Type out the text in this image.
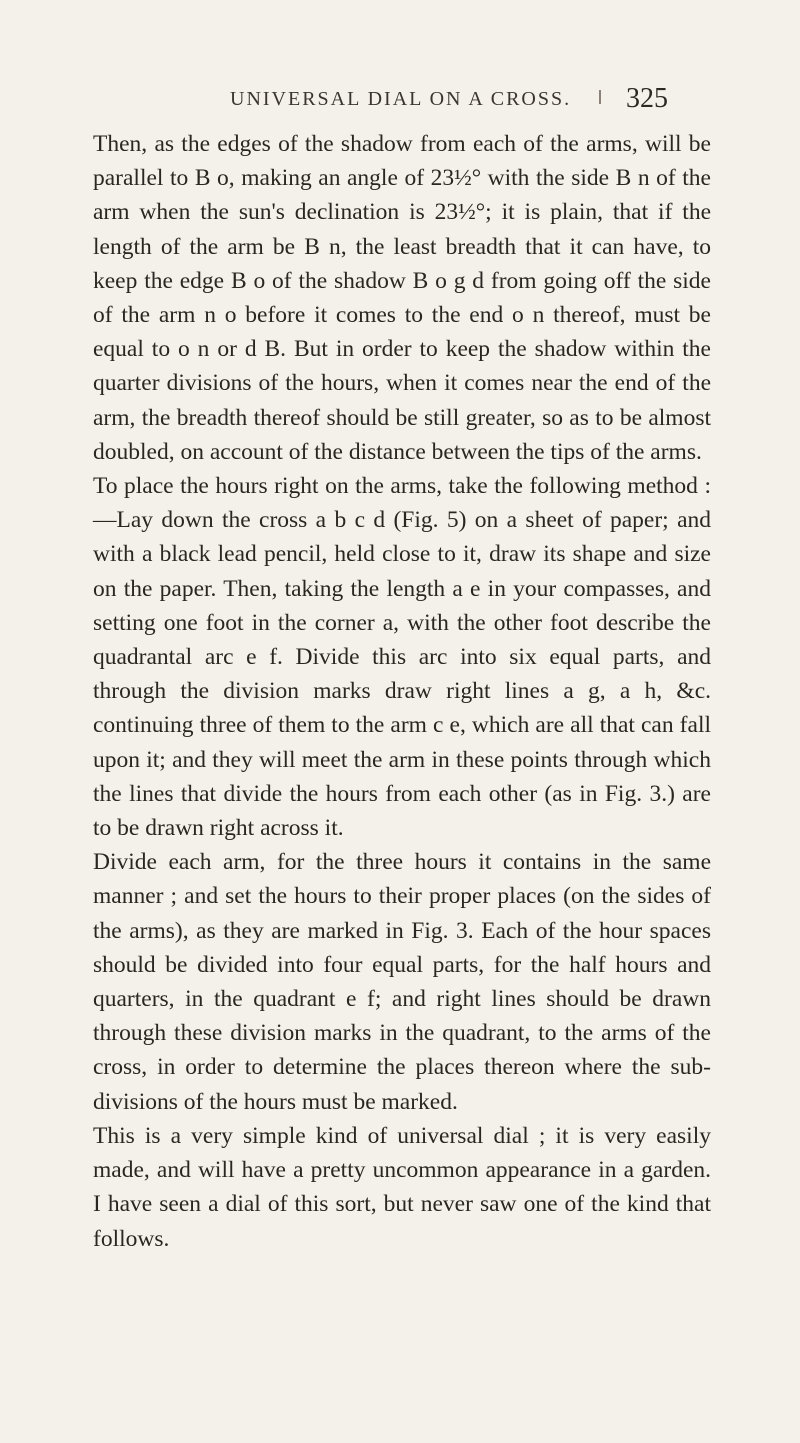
UNIVERSAL DIAL ON A CROSS. 325

Then, as the edges of the shadow from each of the arms, will be parallel to B o, making an angle of 23½° with the side B n of the arm when the sun's declination is 23½°; it is plain, that if the length of the arm be B n, the least breadth that it can have, to keep the edge B o of the shadow B o g d from going off the side of the arm n o before it comes to the end o n thereof, must be equal to o n or d B. But in order to keep the shadow within the quarter divisions of the hours, when it comes near the end of the arm, the breadth thereof should be still greater, so as to be almost doubled, on account of the distance between the tips of the arms.

To place the hours right on the arms, take the following method :—Lay down the cross a b c d (Fig. 5) on a sheet of paper; and with a black lead pencil, held close to it, draw its shape and size on the paper. Then, taking the length a e in your compasses, and setting one foot in the corner a, with the other foot describe the quadrantal arc e f. Divide this arc into six equal parts, and through the division marks draw right lines a g, a h, &c. continuing three of them to the arm c e, which are all that can fall upon it; and they will meet the arm in these points through which the lines that divide the hours from each other (as in Fig. 3.) are to be drawn right across it.

Divide each arm, for the three hours it contains in the same manner ; and set the hours to their proper places (on the sides of the arms), as they are marked in Fig. 3. Each of the hour spaces should be divided into four equal parts, for the half hours and quarters, in the quadrant e f; and right lines should be drawn through these division marks in the quadrant, to the arms of the cross, in order to determine the places thereon where the sub-divisions of the hours must be marked.

This is a very simple kind of universal dial ; it is very easily made, and will have a pretty uncommon appearance in a garden. I have seen a dial of this sort, but never saw one of the kind that follows.
